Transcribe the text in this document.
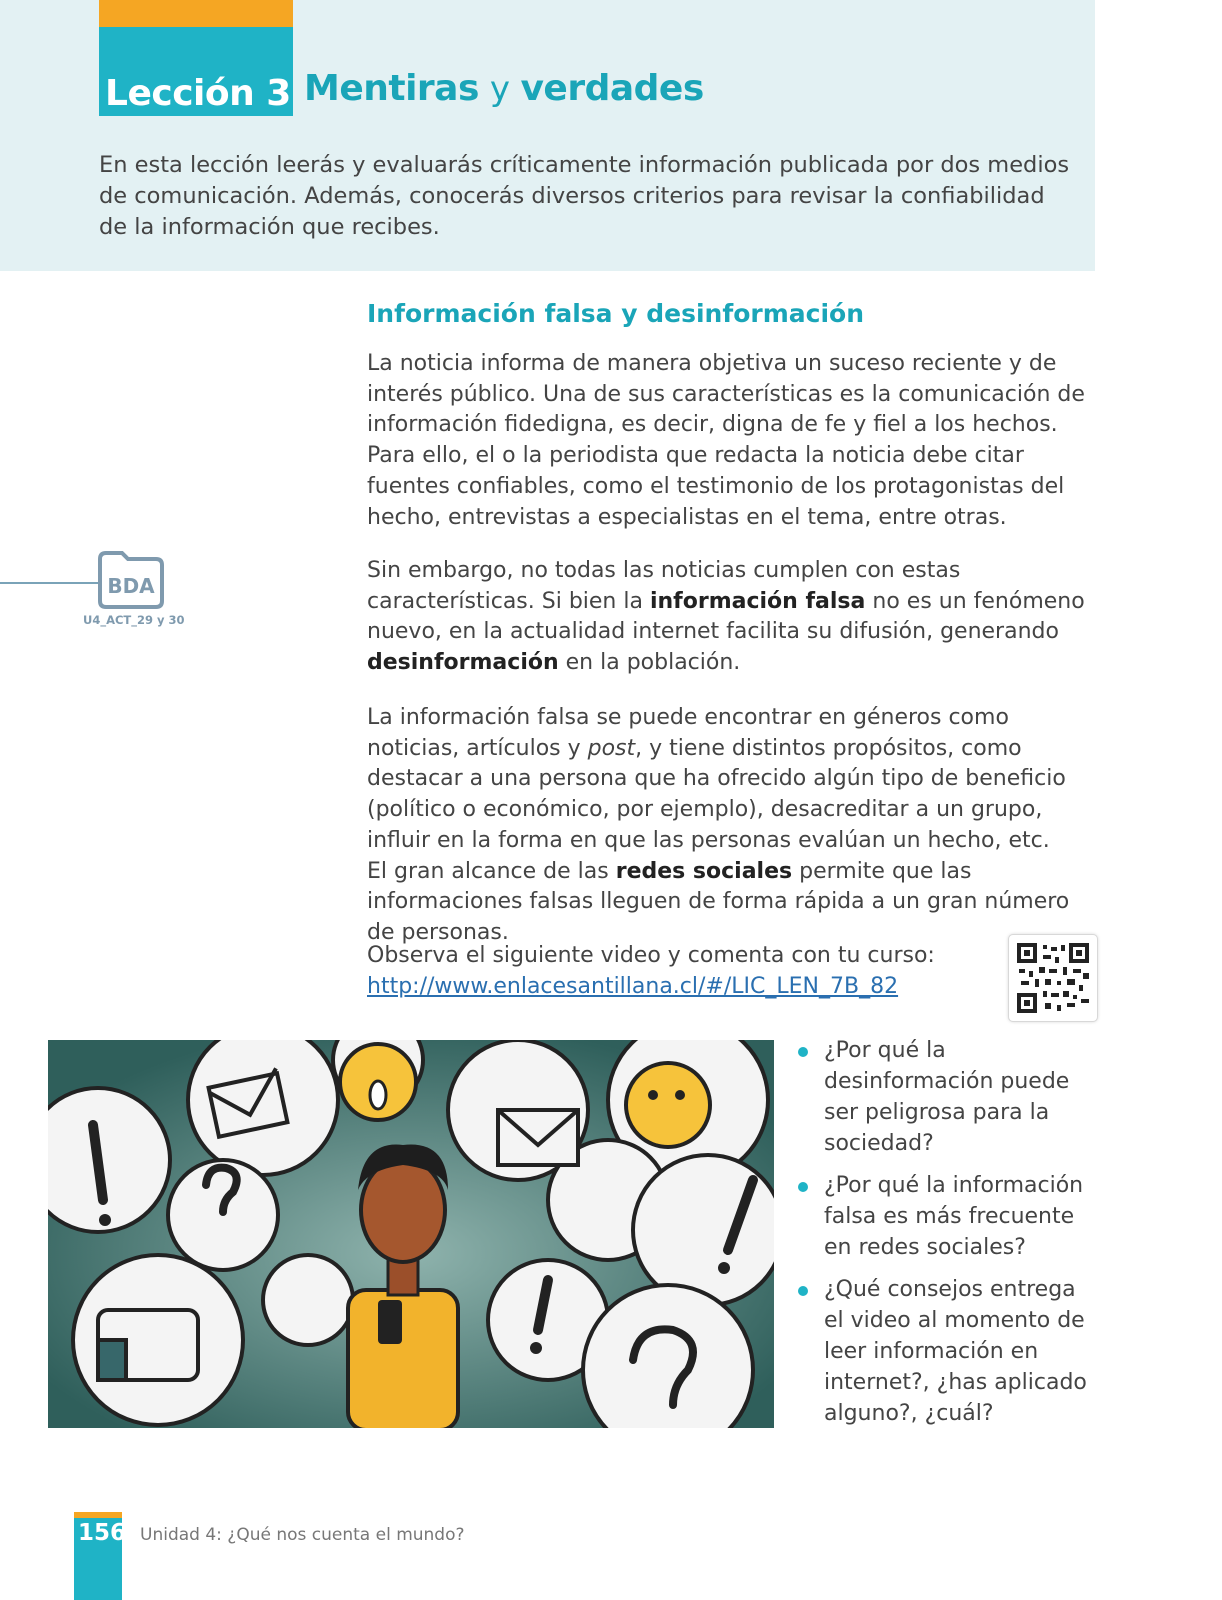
Lección 3 Mentiras y verdades

En esta lección leerás y evaluarás críticamente información publicada por dos medios de comunicación. Además, conocerás diversos criterios para revisar la confiabilidad de la información que recibes.

Información falsa y desinformación

La noticia informa de manera objetiva un suceso reciente y de interés público. Una de sus características es la comunicación de información fidedigna, es decir, digna de fe y fiel a los hechos. Para ello, el o la periodista que redacta la noticia debe citar fuentes confiables, como el testimonio de los protagonistas del hecho, entrevistas a especialistas en el tema, entre otras.

Sin embargo, no todas las noticias cumplen con estas características. Si bien la información falsa no es un fenómeno nuevo, en la actualidad internet facilita su difusión, generando desinformación en la población.

La información falsa se puede encontrar en géneros como noticias, artículos y post, y tiene distintos propósitos, como destacar a una persona que ha ofrecido algún tipo de beneficio (político o económico, por ejemplo), desacreditar a un grupo, influir en la forma en que las personas evalúan un hecho, etc.
El gran alcance de las redes sociales permite que las informaciones falsas lleguen de forma rápida a un gran número de personas.

Observa el siguiente video y comenta con tu curso:
http://www.enlacesantillana.cl/#/LIC_LEN_7B_82

BDA
U4_ACT_29 y 30
¿Por qué la desinformación puede ser peligrosa para la sociedad?
¿Por qué la información falsa es más frecuente en redes sociales?
¿Qué consejos entrega el video al momento de leer información en internet?, ¿has aplicado alguno?, ¿cuál?
156 Unidad 4: ¿Qué nos cuenta el mundo?
